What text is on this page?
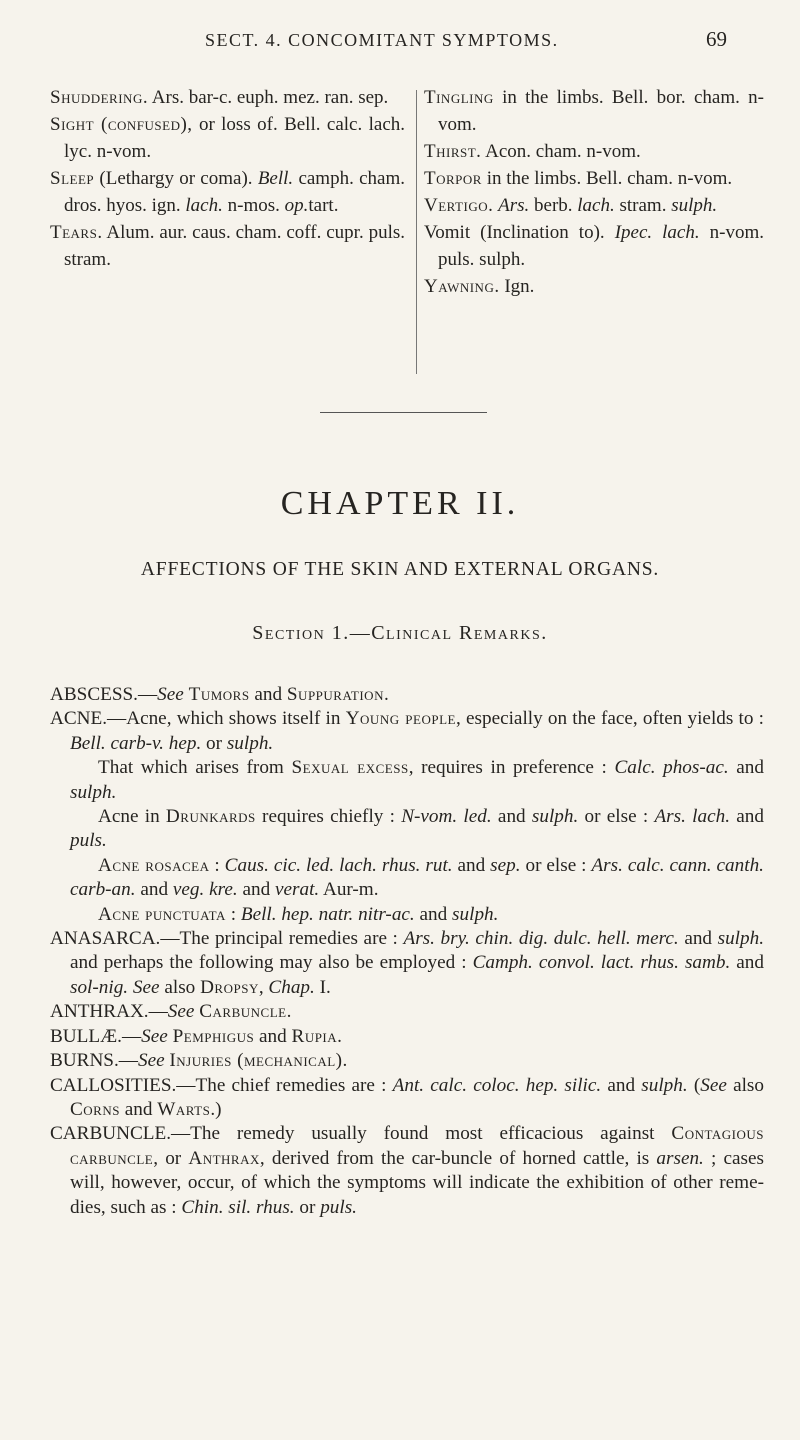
SECT. 4. CONCOMITANT SYMPTOMS.	69
Shuddering. Ars. bar-c. euph. mez. ran. sep.
Sight (confused), or loss of. Bell. calc. lach. lyc. n-vom.
Sleep (Lethargy or coma). Bell. camph. cham. dros. hyos. ign. lach. n-mos. op.tart.
Tears. Alum. aur. caus. cham. coff. cupr. puls. stram.
Tingling in the limbs. Bell. bor. cham. n-vom.
Thirst. Acon. cham. n-vom.
Torpor in the limbs. Bell. cham. n-vom.
Vertigo. Ars. berb. lach. stram. sulph.
Vomit (Inclination to). Ipec. lach. n-vom. puls. sulph.
Yawning. Ign.
CHAPTER II.
AFFECTIONS OF THE SKIN AND EXTERNAL ORGANS.
Section 1.—Clinical Remarks.

ABSCESS.—See Tumors and Suppuration.

ACNE.—Acne, which shows itself in Young people, especially on the face, often yields to : Bell. carb-v. hep. or sulph.

That which arises from Sexual excess, requires in preference : Calc. phos-ac. and sulph.

Acne in Drunkards requires chiefly : N-vom. led. and sulph. or else : Ars. lach. and puls.

Acne rosacea : Caus. cic. led. lach. rhus. rut. and sep. or else : Ars. calc. cann. canth. carb-an. and veg. kre. and verat. Aur-m.

Acne punctuata : Bell. hep. natr. nitr-ac. and sulph.

ANASARCA.—The principal remedies are : Ars. bry. chin. dig. dulc. hell. merc. and sulph. and perhaps the following may also be employed : Camph. convol. lact. rhus. samb. and sol-nig. See also Dropsy, Chap. I.

ANTHRAX.—See Carbuncle.

BULLÆ.—See Pemphigus and Rupia.

BURNS.—See Injuries (mechanical).

CALLOSITIES.—The chief remedies are : Ant. calc. coloc. hep. silic. and sulph. (See also Corns and Warts.)

CARBUNCLE.—The remedy usually found most efficacious against Contagious carbuncle, or Anthrax, derived from the car-buncle of horned cattle, is arsen. ; cases will, however, occur, of which the symptoms will indicate the exhibition of other reme-dies, such as : Chin. sil. rhus. or puls.
